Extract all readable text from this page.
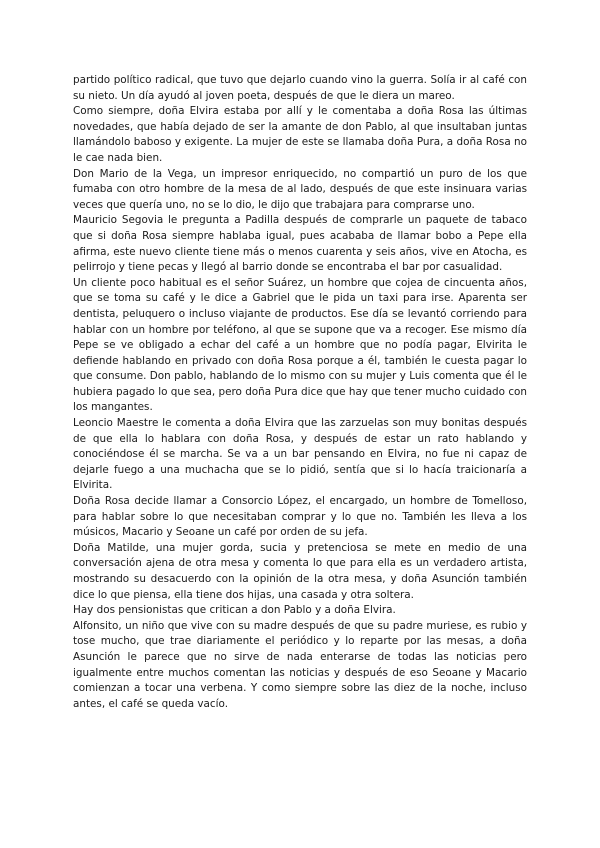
partido político radical, que tuvo que dejarlo cuando vino la guerra. Solía ir al café con su nieto. Un día ayudó al joven poeta, después de que le diera un mareo.

Como siempre, doña Elvira estaba por allí y le comentaba a doña Rosa las últimas novedades, que había dejado de ser la amante de don Pablo, al que insultaban juntas llamándolo baboso y exigente. La mujer de este se llamaba doña Pura, a doña Rosa no le cae nada bien.

Don Mario de la Vega, un impresor enriquecido, no compartió un puro de los que fumaba con otro hombre de la mesa de al lado, después de que este insinuara varias veces que quería uno, no se lo dio, le dijo que trabajara para comprarse uno.

Mauricio Segovia le pregunta a Padilla después de comprarle un paquete de tabaco que si doña Rosa siempre hablaba igual, pues acababa de llamar bobo a Pepe ella afirma, este nuevo cliente tiene más o menos cuarenta y seis años, vive en Atocha, es pelirrojo y tiene pecas y llegó al barrio donde se encontraba el bar por casualidad.

Un cliente poco habitual es el señor Suárez, un hombre que cojea de cincuenta años, que se toma su café y le dice a Gabriel que le pida un taxi para irse. Aparenta ser dentista, peluquero o incluso viajante de productos. Ese día se levantó corriendo para hablar con un hombre por teléfono, al que se supone que va a recoger. Ese mismo día Pepe se ve obligado a echar del café a un hombre que no podía pagar, Elvirita le defiende hablando en privado con doña Rosa porque a él, también le cuesta pagar lo que consume. Don pablo, hablando de lo mismo con su mujer y Luis comenta que él le hubiera pagado lo que sea, pero doña Pura dice que hay que tener mucho cuidado con los mangantes.

Leoncio Maestre le comenta a doña Elvira que las zarzuelas son muy bonitas después de que ella lo hablara con doña Rosa, y después de estar un rato hablando y conociéndose él se marcha. Se va a un bar pensando en Elvira, no fue ni capaz de dejarle fuego a una muchacha que se lo pidió, sentía que si lo hacía traicionaría a Elvirita.

Doña Rosa decide llamar a Consorcio López, el encargado, un hombre de Tomelloso, para hablar sobre lo que necesitaban comprar y lo que no. También les lleva a los músicos, Macario y Seoane un café por orden de su jefa.

Doña Matilde, una mujer gorda, sucia y pretenciosa se mete en medio de una conversación ajena de otra mesa y comenta lo que para ella es un verdadero artista, mostrando su desacuerdo con la opinión de la otra mesa, y doña Asunción también dice lo que piensa, ella tiene dos hijas, una casada y otra soltera.

Hay dos pensionistas que critican a don Pablo y a doña Elvira.

Alfonsito, un niño que vive con su madre después de que su padre muriese, es rubio y tose mucho, que trae diariamente el periódico y lo reparte por las mesas, a doña Asunción le parece que no sirve de nada enterarse de todas las noticias pero igualmente entre muchos comentan las noticias y después de eso Seoane y Macario comienzan a tocar una verbena. Y como siempre sobre las diez de la noche, incluso antes, el café se queda vacío.
